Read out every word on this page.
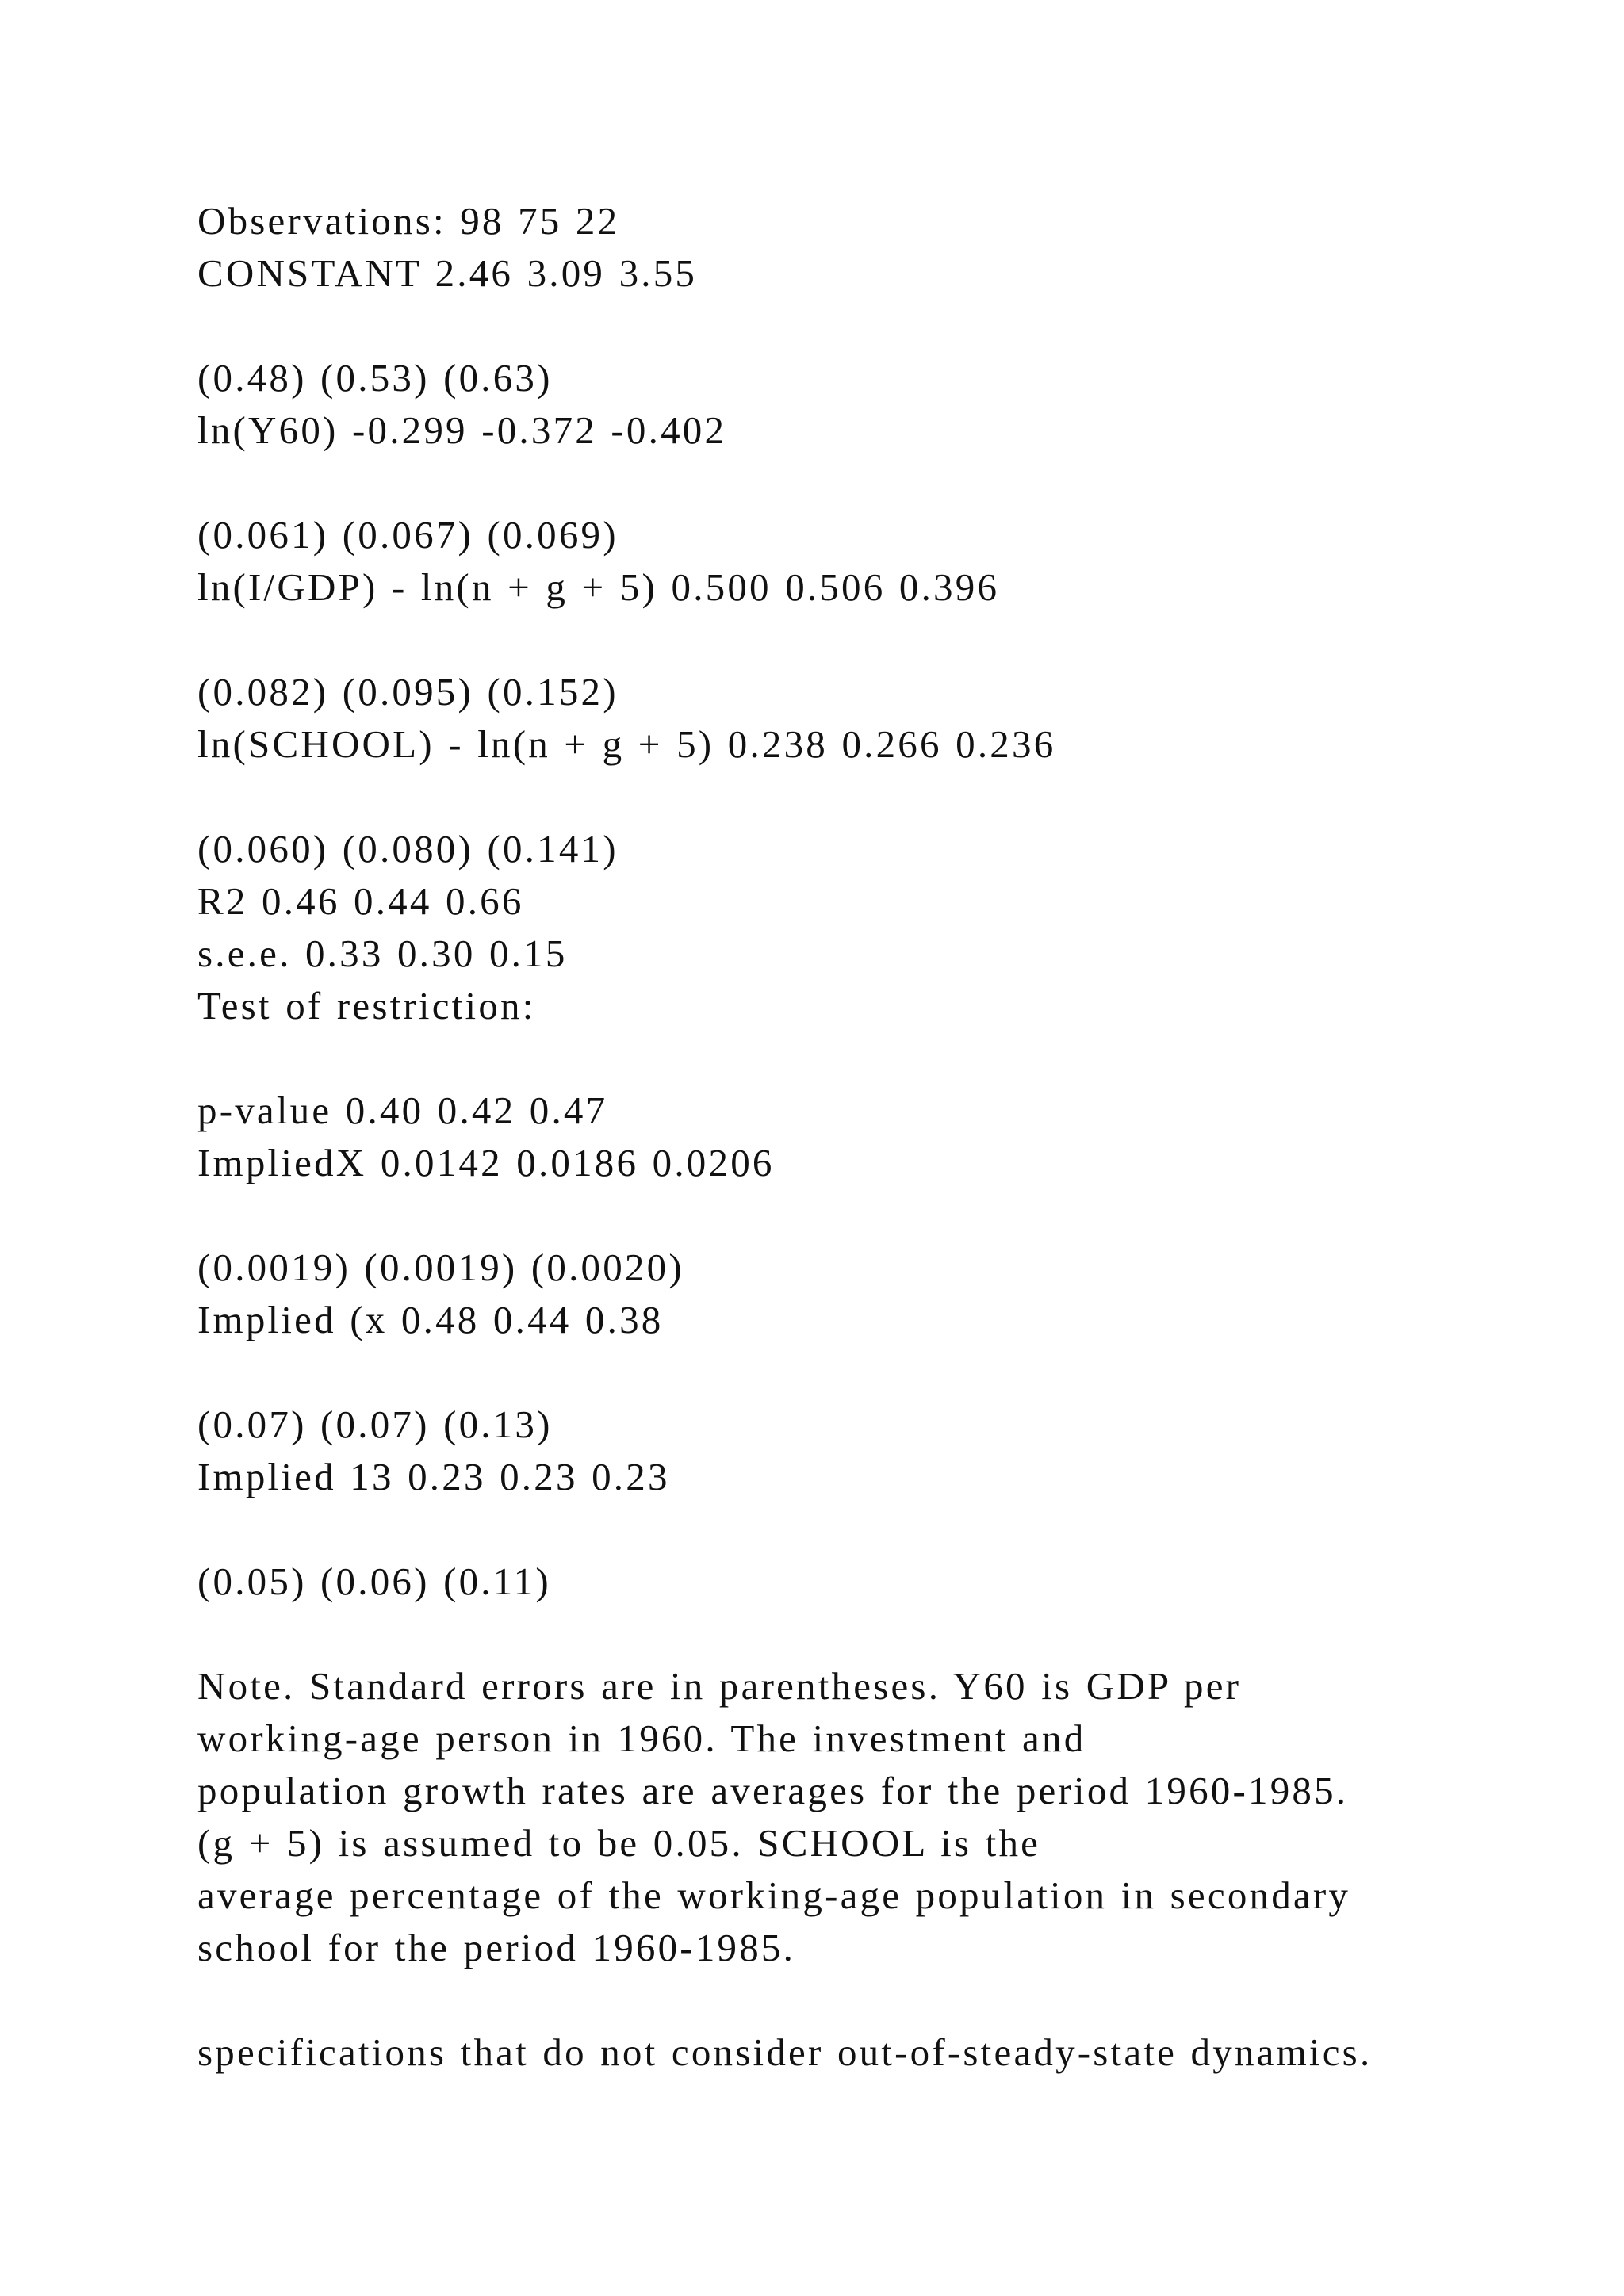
Observations: 98 75 22
CONSTANT 2.46 3.09 3.55
(0.48) (0.53) (0.63)
ln(Y60) -0.299 -0.372 -0.402
(0.061) (0.067) (0.069)
ln(I/GDP) - ln(n + g + 5) 0.500 0.506 0.396
(0.082) (0.095) (0.152)
ln(SCHOOL) - ln(n + g + 5) 0.238 0.266 0.236
(0.060) (0.080) (0.141)
R2 0.46 0.44 0.66
s.e.e. 0.33 0.30 0.15
Test of restriction:
p-value 0.40 0.42 0.47
ImpliedX 0.0142 0.0186 0.0206
(0.0019) (0.0019) (0.0020)
Implied (x 0.48 0.44 0.38
(0.07) (0.07) (0.13)
Implied 13 0.23 0.23 0.23
(0.05) (0.06) (0.11)
Note. Standard errors are in parentheses. Y60 is GDP per
working-age person in 1960. The investment and
population growth rates are averages for the period 1960-1985.
(g + 5) is assumed to be 0.05. SCHOOL is the
average percentage of the working-age population in secondary
school for the period 1960-1985.
specifications that do not consider out-of-steady-state dynamics.
